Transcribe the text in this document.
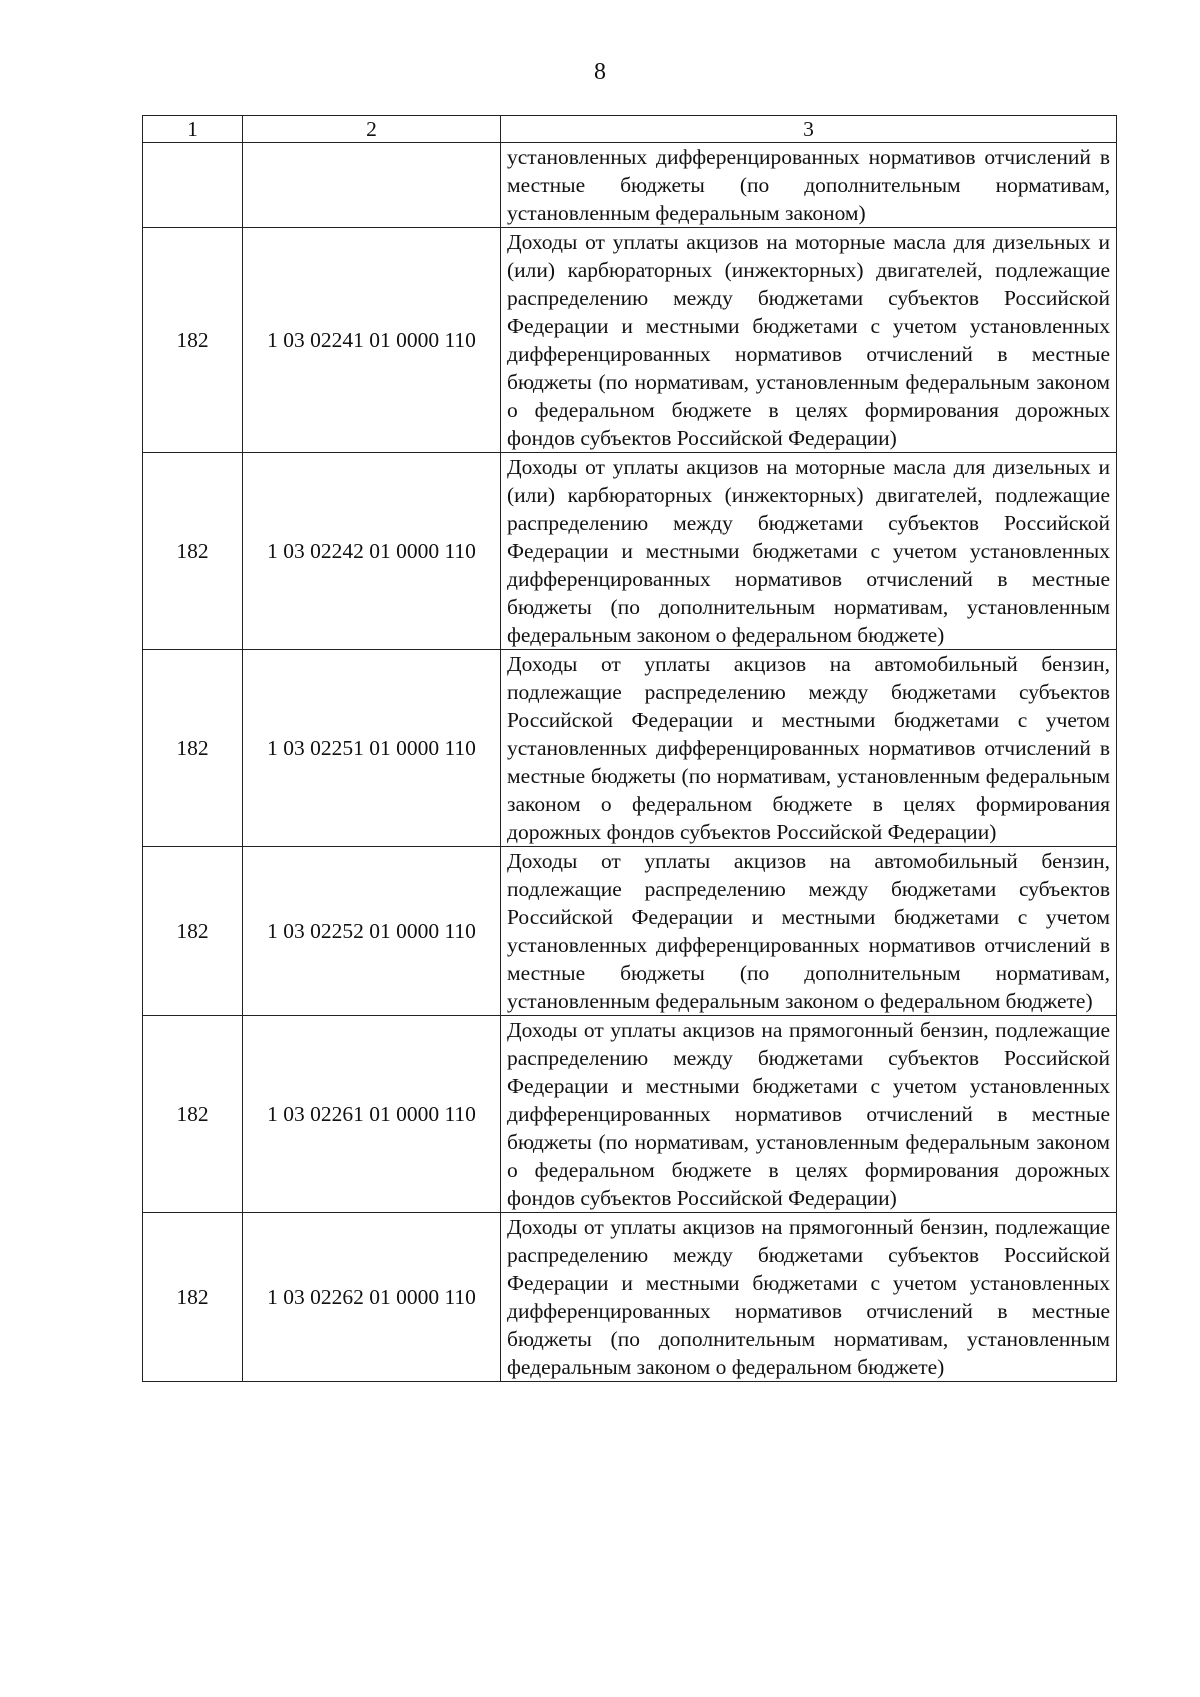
8
1	2	3

		установленных дифференцированных нормативов отчислений в местные бюджеты (по дополнительным нормативам, установленным федеральным законом)

182	1 03 02241 01 0000 110	Доходы от уплаты акцизов на моторные масла для дизельных и (или) карбюраторных (инжекторных) двигателей, подлежащие распределению между бюджетами субъектов Российской Федерации и местными бюджетами с учетом установленных дифференцированных нормативов отчислений в местные бюджеты (по нормативам, установленным федеральным законом о федеральном бюджете в целях формирования дорожных фондов субъектов Российской Федерации)

182	1 03 02242 01 0000 110	Доходы от уплаты акцизов на моторные масла для дизельных и (или) карбюраторных (инжекторных) двигателей, подлежащие распределению между бюджетами субъектов Российской Федерации и местными бюджетами с учетом установленных дифференцированных нормативов отчислений в местные бюджеты (по дополнительным нормативам, установленным федеральным законом о федеральном бюджете)

182	1 03 02251 01 0000 110	Доходы от уплаты акцизов на автомобильный бензин, подлежащие распределению между бюджетами субъектов Российской Федерации и местными бюджетами с учетом установленных дифференцированных нормативов отчислений в местные бюджеты (по нормативам, установленным федеральным законом о федеральном бюджете в целях формирования дорожных фондов субъектов Российской Федерации)

182	1 03 02252 01 0000 110	Доходы от уплаты акцизов на автомобильный бензин, подлежащие распределению между бюджетами субъектов Российской Федерации и местными бюджетами с учетом установленных дифференцированных нормативов отчислений в местные бюджеты (по дополнительным нормативам, установленным федеральным законом о федеральном бюджете)

182	1 03 02261 01 0000 110	Доходы от уплаты акцизов на прямогонный бензин, подлежащие распределению между бюджетами субъектов Российской Федерации и местными бюджетами с учетом установленных дифференцированных нормативов отчислений в местные бюджеты (по нормативам, установленным федеральным законом о федеральном бюджете в целях формирования дорожных фондов субъектов Российской Федерации)

182	1 03 02262 01 0000 110	Доходы от уплаты акцизов на прямогонный бензин, подлежащие распределению между бюджетами субъектов Российской Федерации и местными бюджетами с учетом установленных дифференцированных нормативов отчислений в местные бюджеты (по дополнительным нормативам, установленным федеральным законом о федеральном бюджете)
